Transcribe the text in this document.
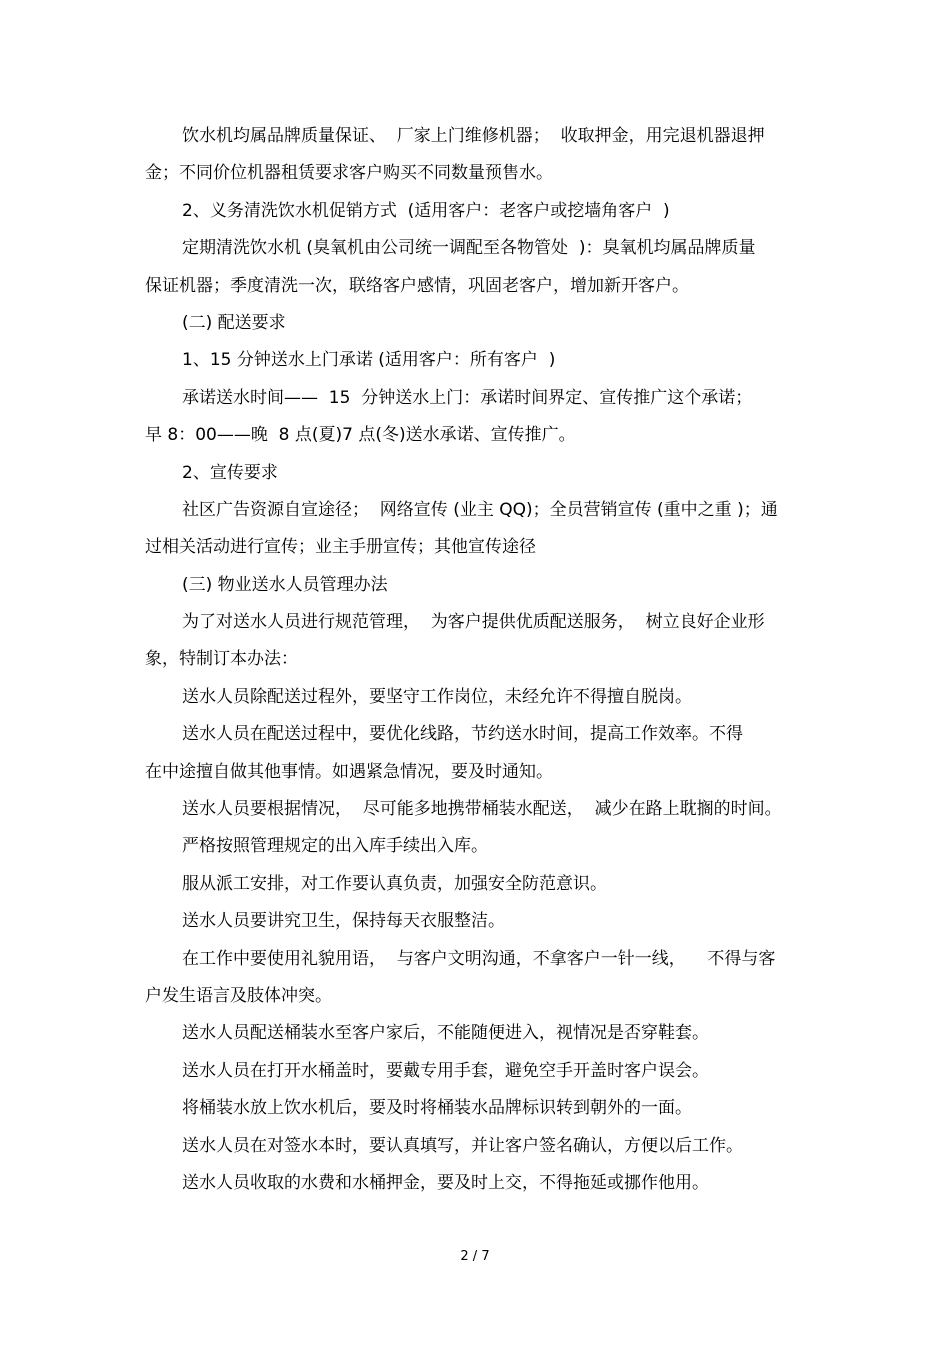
饮水机均属品牌质量保证、  厂家上门维修机器；  收取押金，用完退机器退押
金；不同价位机器租赁要求客户购买不同数量预售水。
2、义务清洗饮水机促销方式  (适用客户：老客户或挖墙角客户  )
定期清洗饮水机 (臭氧机由公司统一调配至各物管处  )：臭氧机均属品牌质量
保证机器；季度清洗一次，联络客户感情，巩固老客户，增加新开客户。
(二) 配送要求
1、15 分钟送水上门承诺 (适用客户：所有客户  )
承诺送水时间——  15  分钟送水上门：承诺时间界定、宣传推广这个承诺；
早 8：00——晚  8 点(夏)7 点(冬)送水承诺、宣传推广。
2、宣传要求
社区广告资源自宣途径；  网络宣传 (业主 QQ)；全员营销宣传 (重中之重 )；通
过相关活动进行宣传；业主手册宣传；其他宣传途径
(三) 物业送水人员管理办法
为了对送水人员进行规范管理，  为客户提供优质配送服务，  树立良好企业形
象，特制订本办法：
送水人员除配送过程外，要坚守工作岗位，未经允许不得擅自脱岗。
送水人员在配送过程中，要优化线路，节约送水时间，提高工作效率。不得
在中途擅自做其他事情。如遇紧急情况，要及时通知。
送水人员要根据情况，  尽可能多地携带桶装水配送，  减少在路上耽搁的时间。
严格按照管理规定的出入库手续出入库。
服从派工安排，对工作要认真负责，加强安全防范意识。
送水人员要讲究卫生，保持每天衣服整洁。
在工作中要使用礼貌用语，  与客户文明沟通，不拿客户一针一线，    不得与客
户发生语言及肢体冲突。
送水人员配送桶装水至客户家后，不能随便进入，视情况是否穿鞋套。
送水人员在打开水桶盖时，要戴专用手套，避免空手开盖时客户误会。
将桶装水放上饮水机后，要及时将桶装水品牌标识转到朝外的一面。
送水人员在对签水本时，要认真填写，并让客户签名确认，方便以后工作。
送水人员收取的水费和水桶押金，要及时上交，不得拖延或挪作他用。
2 / 7
